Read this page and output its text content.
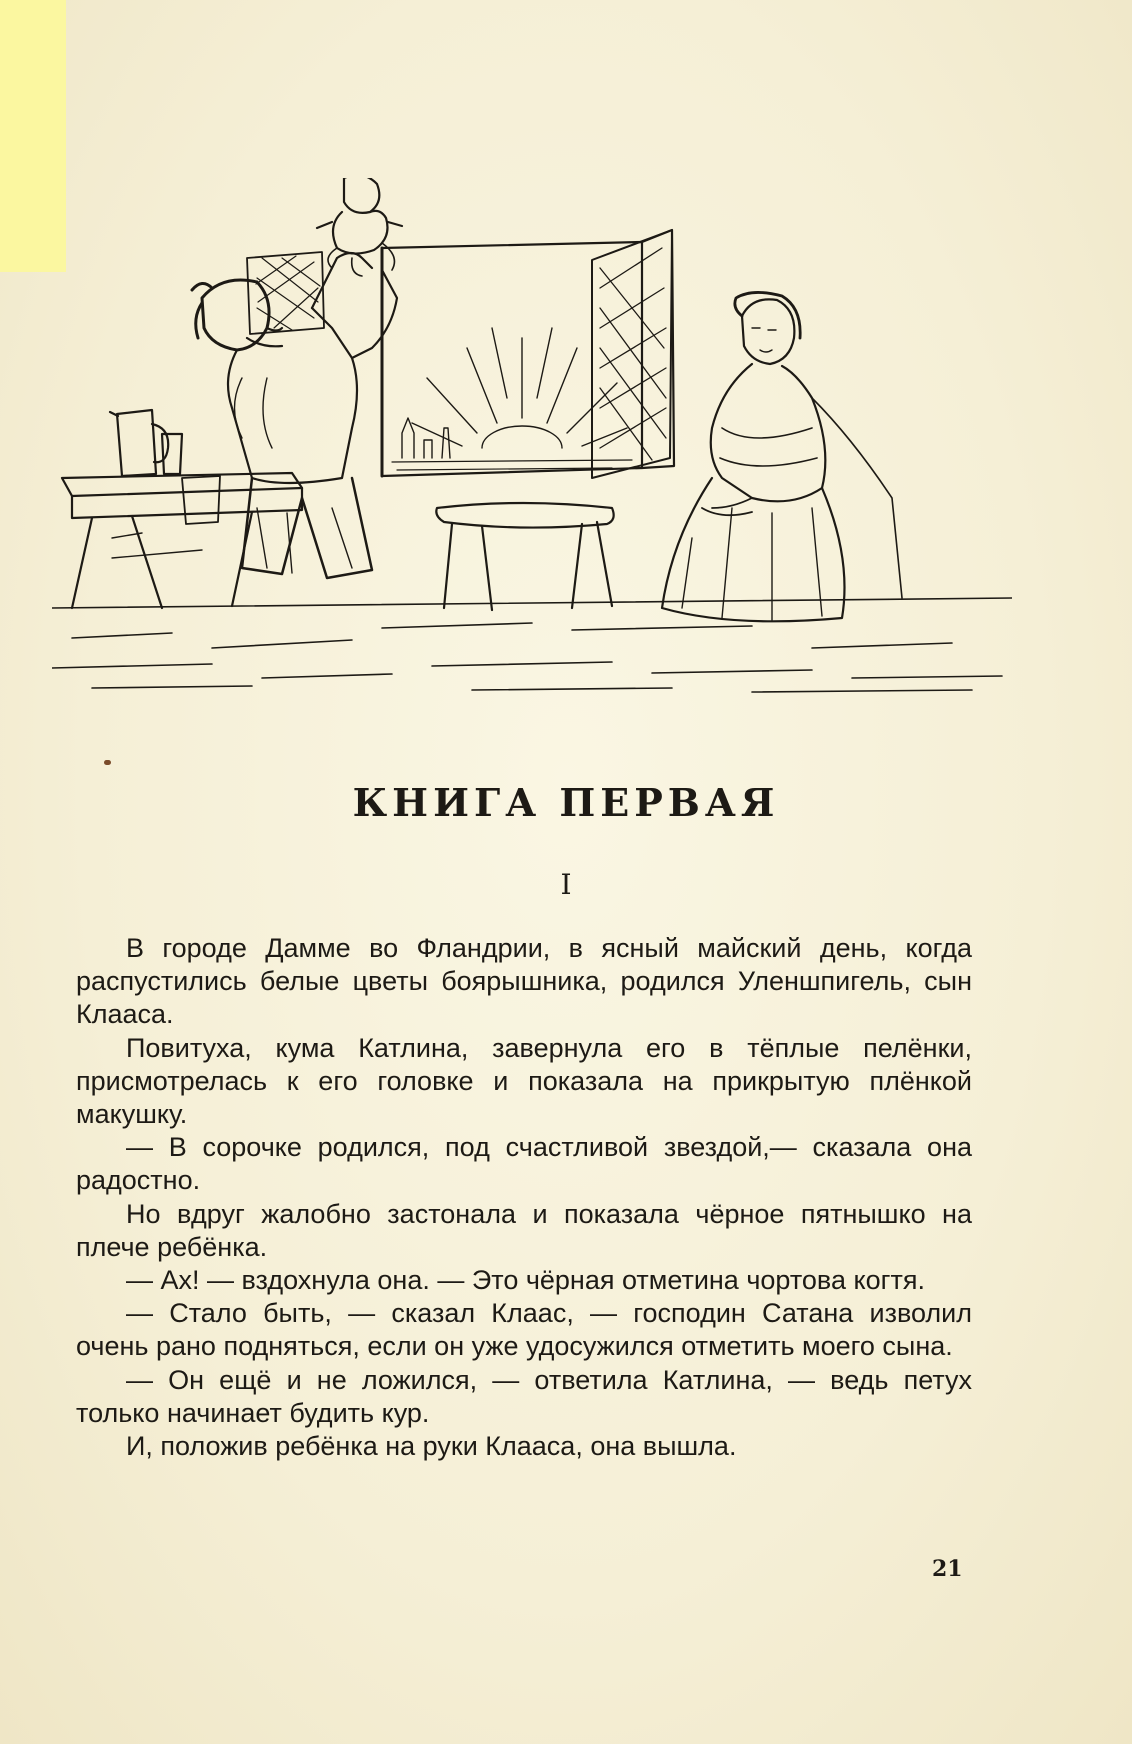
КНИГА ПЕРВАЯ
I

В городе Дамме во Фландрии, в ясный майский день, когда распустились белые цветы боярышника, родился Уленшпигель, сын Клааса.

Повитуха, кума Катлина, завернула его в тёплые пелёнки, присмотрелась к его головке и показала на прикрытую плёнкой макушку.

— В сорочке родился, под счастливой звездой,— сказала она радостно.

Но вдруг жалобно застонала и показала чёрное пятнышко на плече ребёнка.

— Ах! — вздохнула она. — Это чёрная отметина чортова когтя.

— Стало быть, — сказал Клаас, — господин Сатана изволил очень рано подняться, если он уже удосужился отметить моего сына.

— Он ещё и не ложился, — ответила Катлина, — ведь петух только начинает будить кур.

И, положив ребёнка на руки Клааса, она вышла.

21
